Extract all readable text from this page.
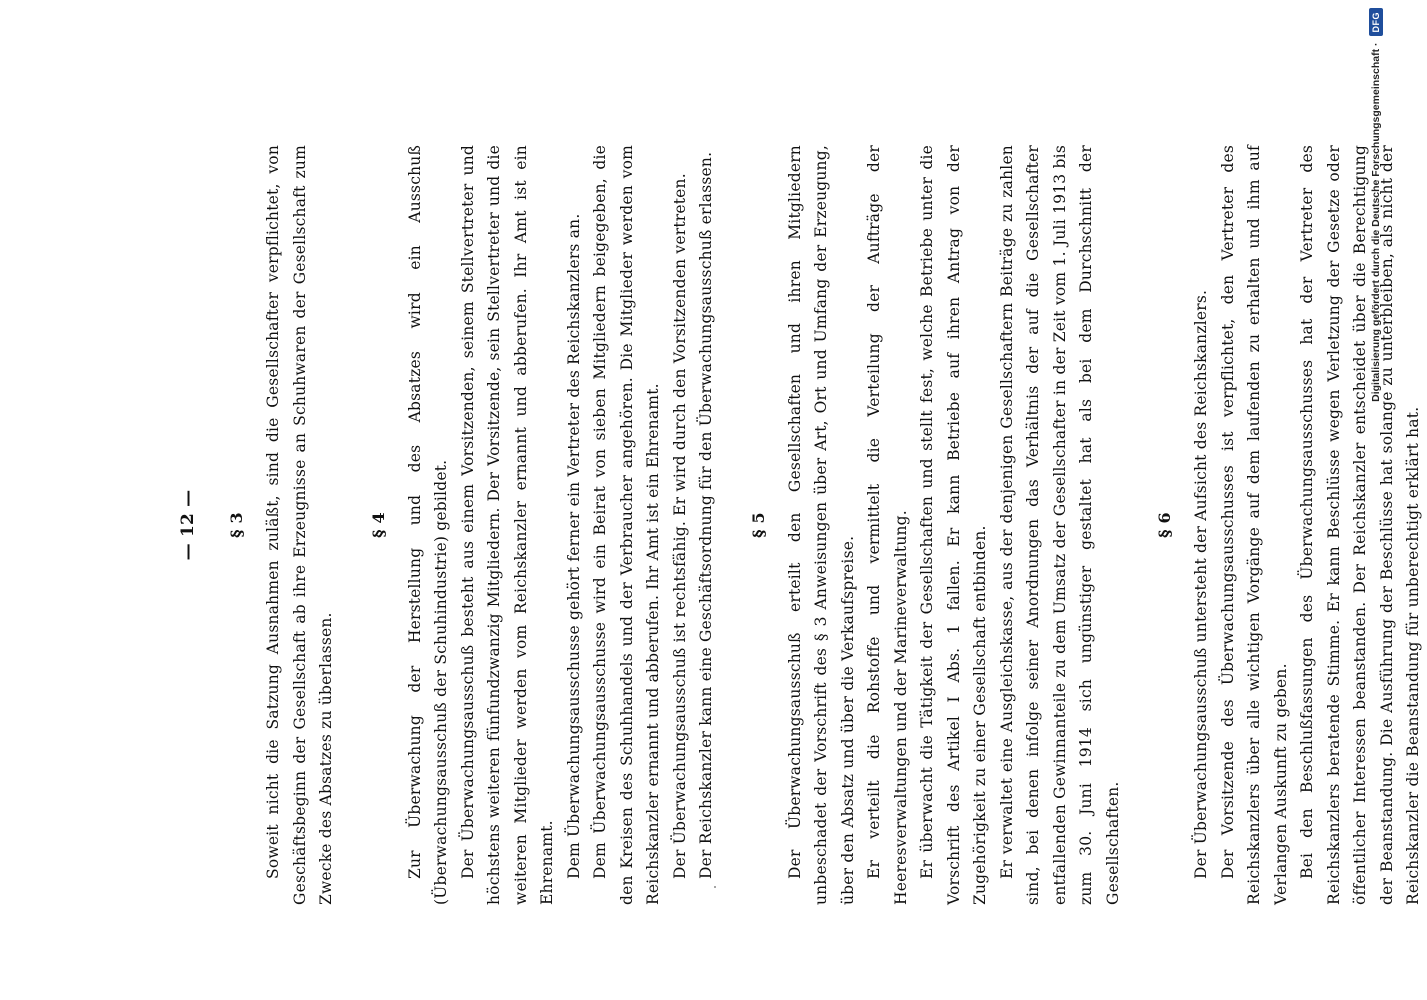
— 12 —	§ 3	Soweit nicht die Satzung Ausnahmen zuläßt, sind die Gesellschafter verpflichtet, von Geschäftsbeginn der Gesellschaft ab ihre Erzeugnisse an Schuhwaren der Gesellschaft zum Zwecke des Absatzes zu überlassen.

§ 4	Zur Überwachung der Herstellung und des Absatzes wird ein Ausschuß (Überwachungsausschuß der Schuhindustrie) gebildet. Der Überwachungsausschuß besteht aus einem Vorsitzenden, seinem Stellvertreter und höchstens weiteren fünfundzwanzig Mitgliedern. Der Vorsitzende, sein Stellvertreter und die weiteren Mitglieder werden vom Reichskanzler ernannt und abberufen. Ihr Amt ist ein Ehrenamt. Dem Überwachungsausschusse gehört ferner ein Vertreter des Reichskanzlers an. Dem Überwachungsausschusse wird ein Beirat von sieben Mitgliedern beigegeben, die den Kreisen des Schuhhandels und der Verbraucher angehören. Die Mitglieder werden vom Reichskanzler ernannt und abberufen. Ihr Amt ist ein Ehrenamt. Der Überwachungsausschuß ist rechtsfähig. Er wird durch den Vorsitzenden vertreten. Der Reichskanzler kann eine Geschäftsordnung für den Überwachungsausschuß erlassen.	§ 5	Der Überwachungsausschuß erteilt den Gesellschaften und ihren Mitgliedern unbeschadet der Vorschrift des § 3 Anweisungen über Art, Ort und Umfang der Erzeugung, über den Absatz und über die Verkaufspreise. Er verteilt die Rohstoffe und vermittelt die Verteilung der Aufträge der Heeresverwaltungen und der Marineverwaltung. Er überwacht die Tätigkeit der Gesellschaften und stellt fest, welche Betriebe unter die Vorschrift des Artikel I Abs. 1 fallen. Er kann Betriebe auf ihren Antrag von der Zugehörigkeit zu einer Gesellschaft entbinden. Er verwaltet eine Ausgleichskasse, aus der denjenigen Gesellschaftern Beiträge zu zahlen sind, bei denen infolge seiner Anordnungen das Verhältnis der auf die Gesellschafter entfallenden Gewinnanteile zu dem Umsatz der Gesellschafter in der Zeit vom 1. Juli 1913 bis zum 30. Juni 1914 sich ungünstiger gestaltet hat als bei dem Durchschnitt der Gesellschaften.

§ 6	Der Überwachungsausschuß untersteht der Aufsicht des Reichskanzlers. Der Vorsitzende des Überwachungsausschusses ist verpflichtet, den Vertreter des Reichskanzlers über alle wichtigen Vorgänge auf dem laufenden zu erhalten und ihm auf Verlangen Auskunft zu geben. Bei den Beschlußfassungen des Überwachungsausschusses hat der Vertreter des Reichskanzlers beratende Stimme. Er kann Beschlüsse wegen Verletzung der Gesetze oder öffentlicher Interessen beanstanden. Der Reichskanzler entscheidet über die Berechtigung der Beanstandung. Die Ausführung der Beschlüsse hat solange zu unterbleiben, als nicht der Reichskanzler die Beanstandung für unberechtigt erklärt hat.

Digitalisierung gefördert durch die Deutsche Forschungsgemeinschaft ·
DFG
